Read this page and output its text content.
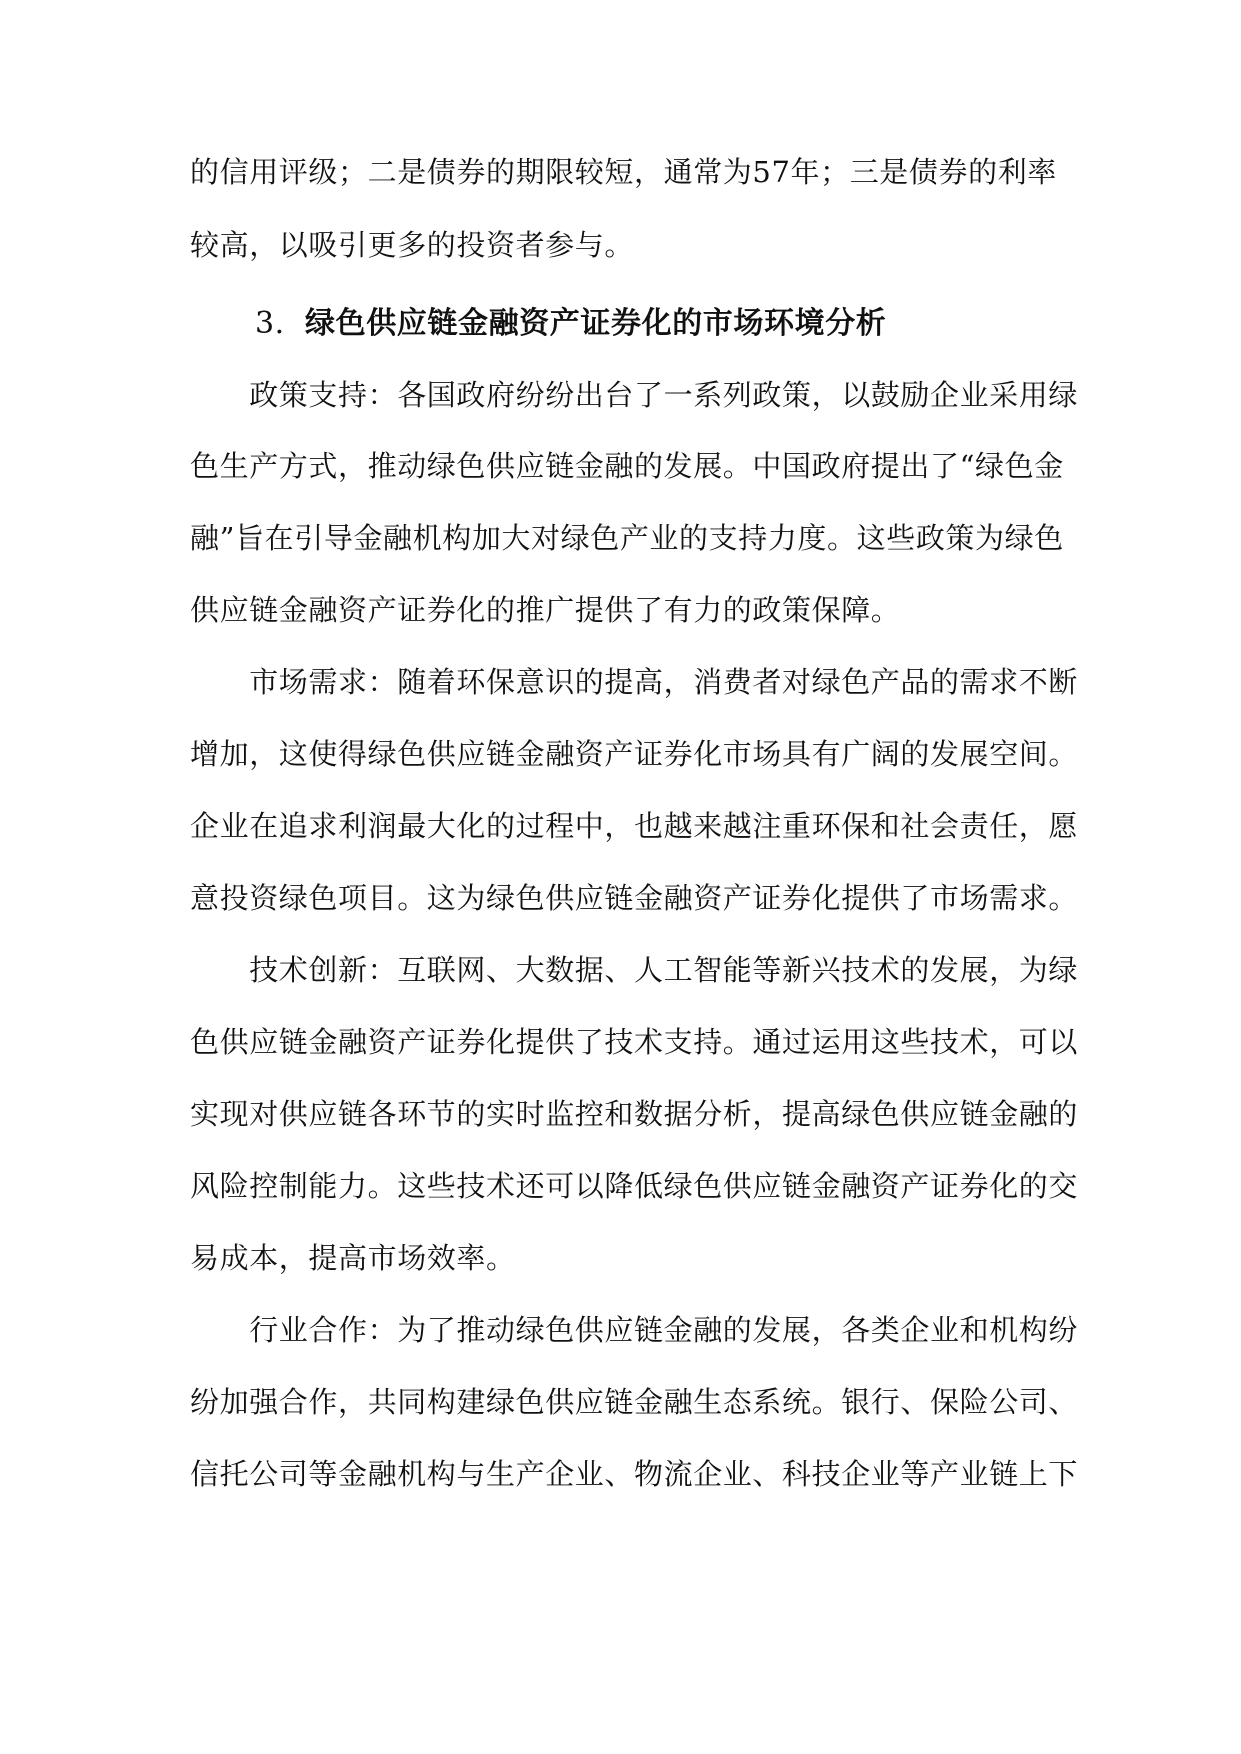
的信用评级；二是债券的期限较短，通常为57年；三是债券的利率
较高，以吸引更多的投资者参与。
3. 绿色供应链金融资产证券化的市场环境分析
　　政策支持：各国政府纷纷出台了一系列政策，以鼓励企业采用绿
色生产方式，推动绿色供应链金融的发展。中国政府提出了“绿色金
融”旨在引导金融机构加大对绿色产业的支持力度。这些政策为绿色
供应链金融资产证券化的推广提供了有力的政策保障。
　　市场需求：随着环保意识的提高，消费者对绿色产品的需求不断
增加，这使得绿色供应链金融资产证券化市场具有广阔的发展空间。
企业在追求利润最大化的过程中，也越来越注重环保和社会责任，愿
意投资绿色项目。这为绿色供应链金融资产证券化提供了市场需求。
　　技术创新：互联网、大数据、人工智能等新兴技术的发展，为绿
色供应链金融资产证券化提供了技术支持。通过运用这些技术，可以
实现对供应链各环节的实时监控和数据分析，提高绿色供应链金融的
风险控制能力。这些技术还可以降低绿色供应链金融资产证券化的交
易成本，提高市场效率。
　　行业合作：为了推动绿色供应链金融的发展，各类企业和机构纷
纷加强合作，共同构建绿色供应链金融生态系统。银行、保险公司、
信托公司等金融机构与生产企业、物流企业、科技企业等产业链上下
